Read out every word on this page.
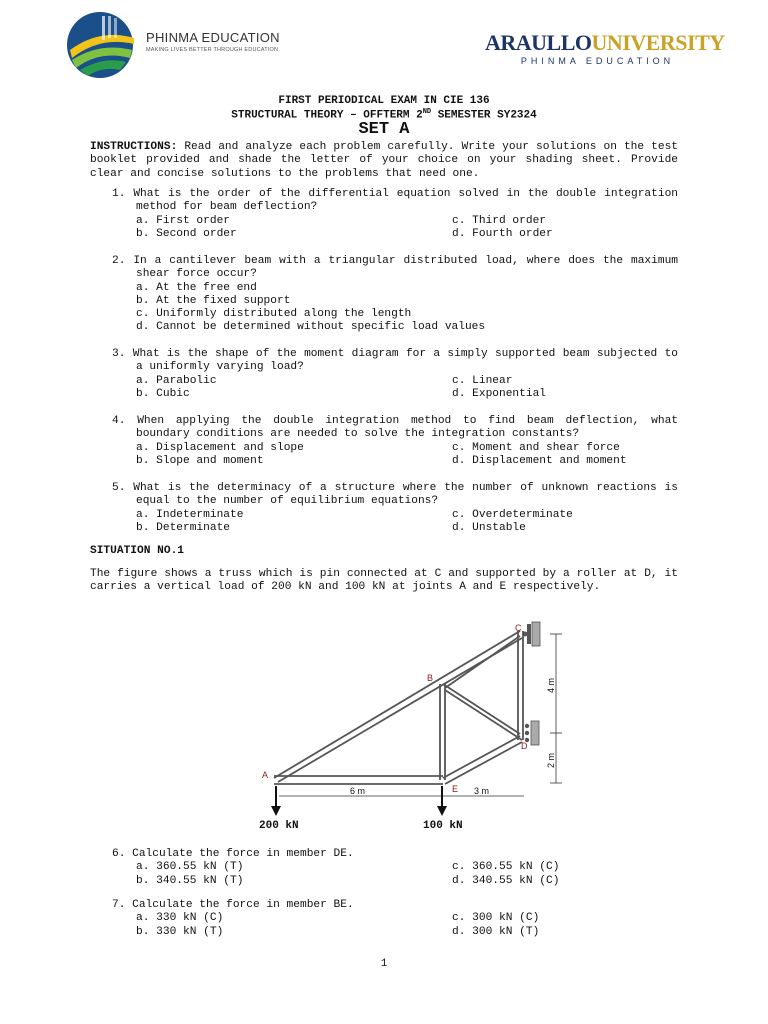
PHINMA EDUCATION
MAKING LIVES BETTER THROUGH EDUCATION	ARAULLOUNIVERSITY
PHINMA EDUCATION
FIRST PERIODICAL EXAM IN CIE 136
STRUCTURAL THEORY – OFFTERM 2ND SEMESTER SY2324
SET A
INSTRUCTIONS: Read and analyze each problem carefully. Write your solutions on the test booklet provided and shade the letter of your choice on your shading sheet. Provide clear and concise solutions to the problems that need one.
1. What is the order of the differential equation solved in the double integration method for beam deflection?
a. First order	c. Third order
b. Second order	d. Fourth order
2. In a cantilever beam with a triangular distributed load, where does the maximum shear force occur?
a. At the free end
b. At the fixed support
c. Uniformly distributed along the length
d. Cannot be determined without specific load values
3. What is the shape of the moment diagram for a simply supported beam subjected to a uniformly varying load?
a. Parabolic	c. Linear
b. Cubic	d. Exponential
4. When applying the double integration method to find beam deflection, what boundary conditions are needed to solve the integration constants?
a. Displacement and slope	c. Moment and shear force
b. Slope and moment	d. Displacement and moment
5. What is the determinacy of a structure where the number of unknown reactions is equal to the number of equilibrium equations?
a. Indeterminate	c. Overdeterminate
b. Determinate	d. Unstable
SITUATION NO.1
The figure shows a truss which is pin connected at C and supported by a roller at D, it carries a vertical load of 200 kN and 100 kN at joints A and E respectively.
A
B
C
D
E
6 m	3 m
4 m
2 m
200 kN	100 kN
6. Calculate the force in member DE.
a. 360.55 kN (T)	c. 360.55 kN (C)
b. 340.55 kN (T)	d. 340.55 kN (C)
7. Calculate the force in member BE.
a. 330 kN (C)	c. 300 kN (C)
b. 330 kN (T)	d. 300 kN (T)
1
